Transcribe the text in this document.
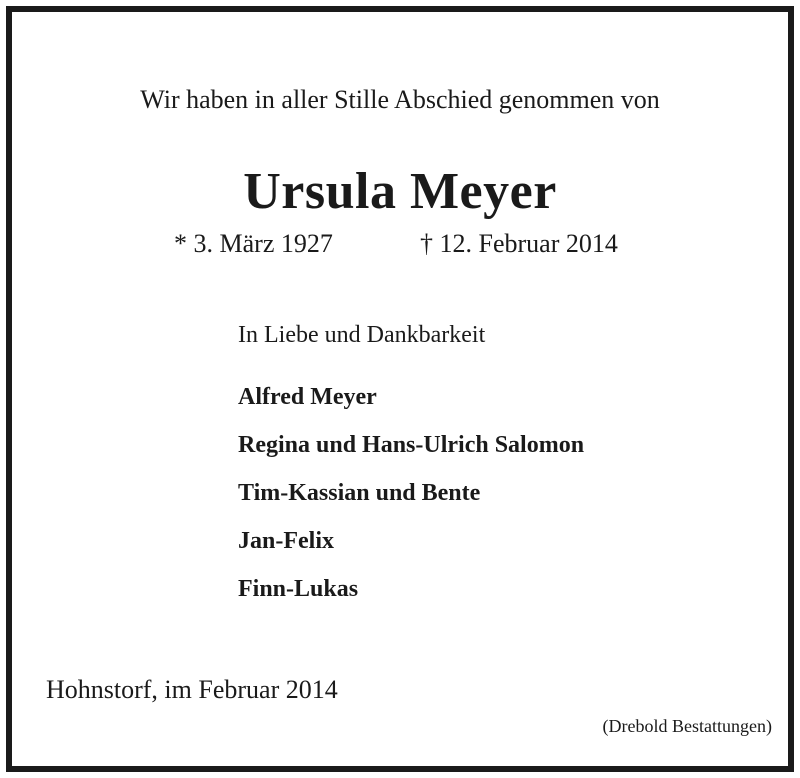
Wir haben in aller Stille Abschied genommen von
Ursula Meyer
* 3. März 1927	† 12. Februar 2014
In Liebe und Dankbarkeit
Alfred Meyer
Regina und Hans-Ulrich Salomon
Tim-Kassian und Bente
Jan-Felix
Finn-Lukas
Hohnstorf, im Februar 2014
(Drebold Bestattungen)
